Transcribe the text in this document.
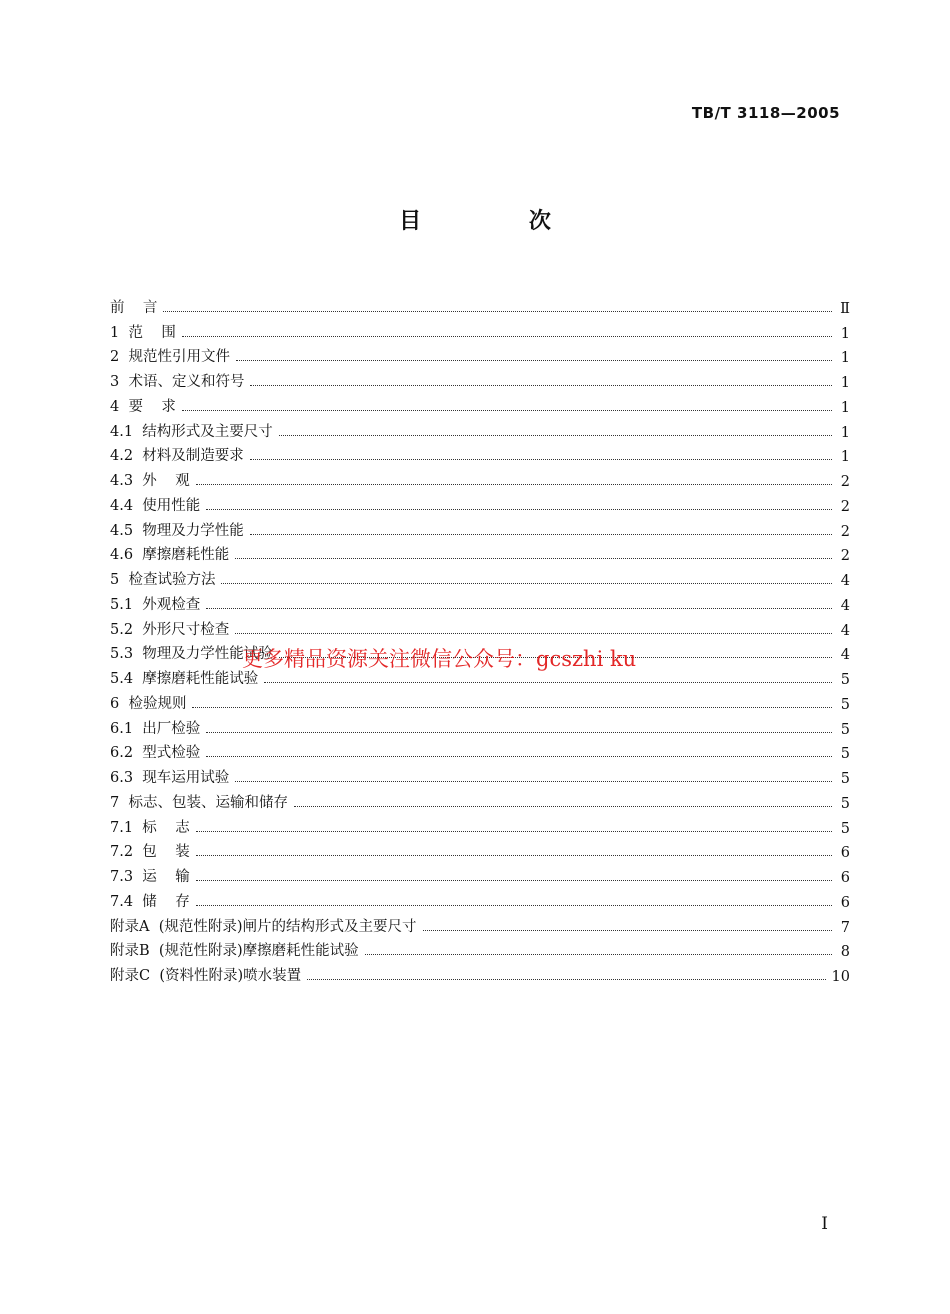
TB/T 3118—2005
目 次
前    言	Ⅱ
1  范    围	1
2  规范性引用文件	1
3  术语、定义和符号	1
4  要    求	1
4.1  结构形式及主要尺寸	1
4.2  材料及制造要求	1
4.3  外    观	2
4.4  使用性能	2
4.5  物理及力学性能	2
4.6  摩擦磨耗性能	2
5  检查试验方法	4
5.1  外观检查	4
5.2  外形尺寸检查	4
5.3  物理及力学性能试验	4
5.4  摩擦磨耗性能试验	5
6  检验规则	5
6.1  出厂检验	5
6.2  型式检验	5
6.3  现车运用试验	5
7  标志、包装、运输和储存	5
7.1  标    志	5
7.2  包    装	6
7.3  运    输	6
7.4  储    存	6
附录A  (规范性附录)闸片的结构形式及主要尺寸	7
附录B  (规范性附录)摩擦磨耗性能试验	8
附录C  (资料性附录)喷水装置	10
更多精品资源关注微信公众号：gcszhi ku
I
